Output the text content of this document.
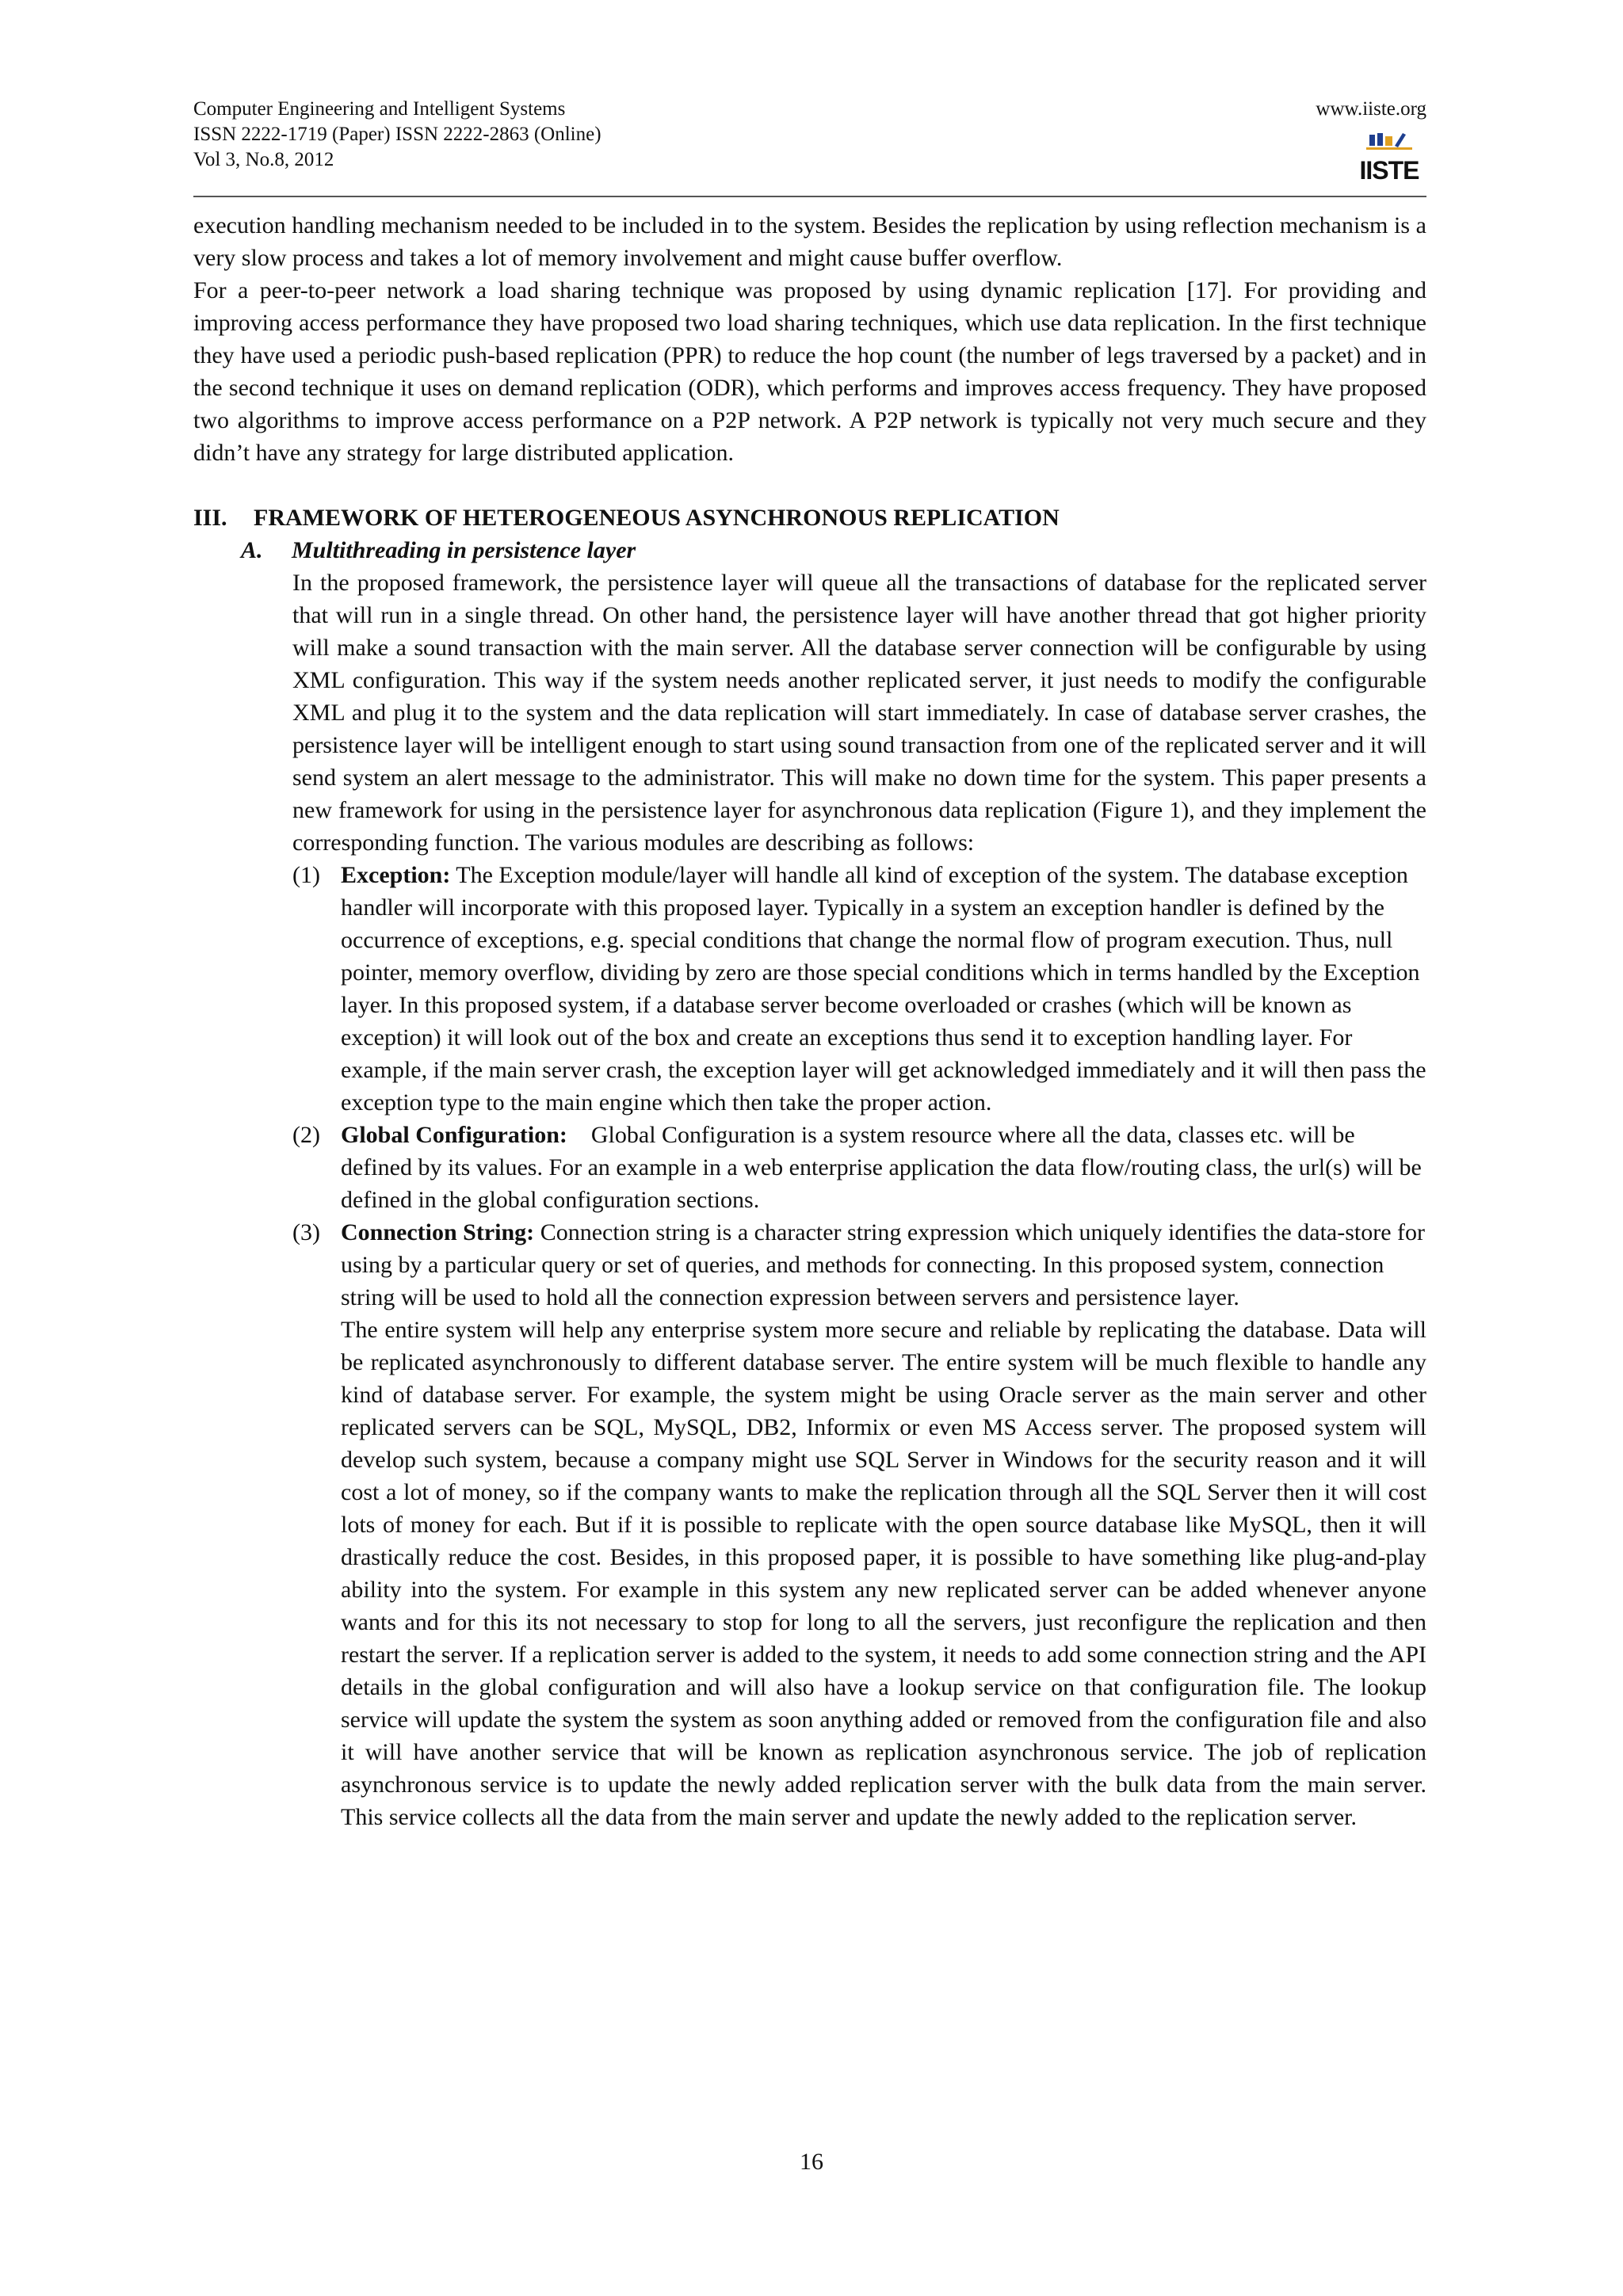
Computer Engineering and Intelligent Systems
ISSN 2222-1719 (Paper) ISSN 2222-2863 (Online)
Vol 3, No.8, 2012
www.iiste.org
IISTE

execution handling mechanism needed to be included in to the system. Besides the replication by using reflection mechanism is a very slow process and takes a lot of memory involvement and might cause buffer overflow.

For a peer-to-peer network a load sharing technique was proposed by using dynamic replication [17]. For providing and improving access performance they have proposed two load sharing techniques, which use data replication. In the first technique they have used a periodic push-based replication (PPR) to reduce the hop count (the number of legs traversed by a packet) and in the second technique it uses on demand replication (ODR), which performs and improves access frequency. They have proposed two algorithms to improve access performance on a P2P network. A P2P network is typically not very much secure and they didn’t have any strategy for large distributed application.

III. FRAMEWORK OF HETEROGENEOUS ASYNCHRONOUS REPLICATION
A. Multithreading in persistence layer

In the proposed framework, the persistence layer will queue all the transactions of database for the replicated server that will run in a single thread. On other hand, the persistence layer will have another thread that got higher priority will make a sound transaction with the main server. All the database server connection will be configurable by using XML configuration. This way if the system needs another replicated server, it just needs to modify the configurable XML and plug it to the system and the data replication will start immediately. In case of database server crashes, the persistence layer will be intelligent enough to start using sound transaction from one of the replicated server and it will send system an alert message to the administrator. This will make no down time for the system. This paper presents a new framework for using in the persistence layer for asynchronous data replication (Figure 1), and they implement the corresponding function. The various modules are describing as follows:

(1) Exception: The Exception module/layer will handle all kind of exception of the system. The database exception handler will incorporate with this proposed layer. Typically in a system an exception handler is defined by the occurrence of exceptions, e.g. special conditions that change the normal flow of program execution. Thus, null pointer, memory overflow, dividing by zero are those special conditions which in terms handled by the Exception layer. In this proposed system, if a database server become overloaded or crashes (which will be known as exception) it will look out of the box and create an exceptions thus send it to exception handling layer. For example, if the main server crash, the exception layer will get acknowledged immediately and it will then pass the exception type to the main engine which then take the proper action.

(2) Global Configuration:    Global Configuration is a system resource where all the data, classes etc. will be defined by its values. For an example in a web enterprise application the data flow/routing class, the url(s) will be defined in the global configuration sections.

(3) Connection String: Connection string is a character string expression which uniquely identifies the data-store for using by a particular query or set of queries, and methods for connecting. In this proposed system, connection string will be used to hold all the connection expression between servers and persistence layer.

The entire system will help any enterprise system more secure and reliable by replicating the database. Data will be replicated asynchronously to different database server. The entire system will be much flexible to handle any kind of database server. For example, the system might be using Oracle server as the main server and other replicated servers can be SQL, MySQL, DB2, Informix or even MS Access server. The proposed system will develop such system, because a company might use SQL Server in Windows for the security reason and it will cost a lot of money, so if the company wants to make the replication through all the SQL Server then it will cost lots of money for each. But if it is possible to replicate with the open source database like MySQL, then it will drastically reduce the cost. Besides, in this proposed paper, it is possible to have something like plug-and-play ability into the system. For example in this system any new replicated server can be added whenever anyone wants and for this its not necessary to stop for long to all the servers, just reconfigure the replication and then restart the server. If a replication server is added to the system, it needs to add some connection string and the API details in the global configuration and will also have a lookup service on that configuration file. The lookup service will update the system the system as soon anything added or removed from the configuration file and also it will have another service that will be known as replication asynchronous service. The job of replication asynchronous service is to update the newly added replication server with the bulk data from the main server. This service collects all the data from the main server and update the newly added to the replication server.

16
